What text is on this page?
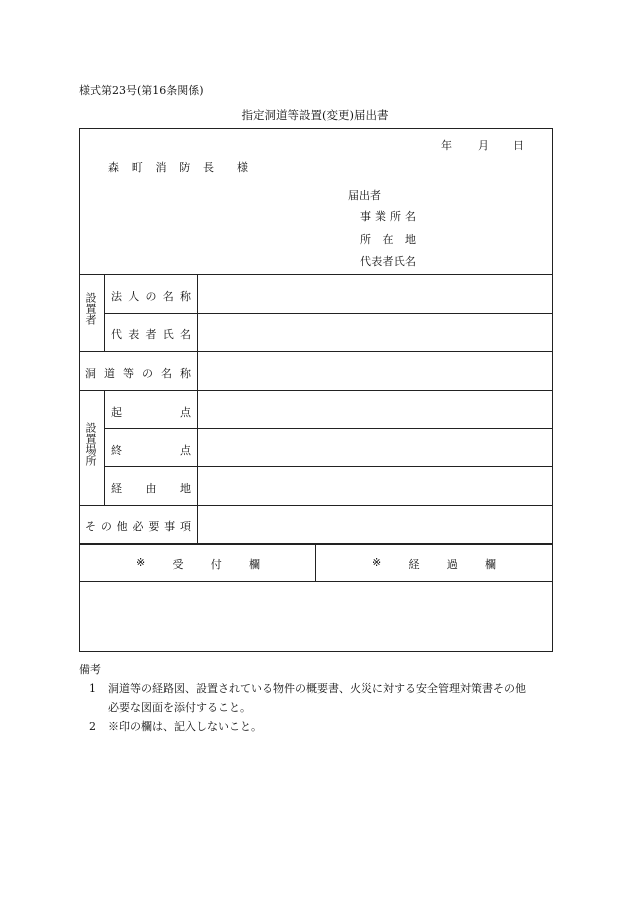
様式第23号(第16条関係)
指定洞道等設置(変更)届出書
年 月 日
森 町 消 防 長 様
届出者
事 業 所 名
所 在 地
代 表 者 氏 名
設置者 法 人 の 名 称
代 表 者 氏 名
洞 道 等 の 名 称
設置場所
起	点
終	点
経 由 地
そ の 他 必 要 事 項
※ 受 付 欄	※ 経 過 欄
備考
1 洞道等の経路図、設置されている物件の概要書、火災に対する安全管理対策書その他
必要な図面を添付すること。
2 ※印の欄は、記入しないこと。
